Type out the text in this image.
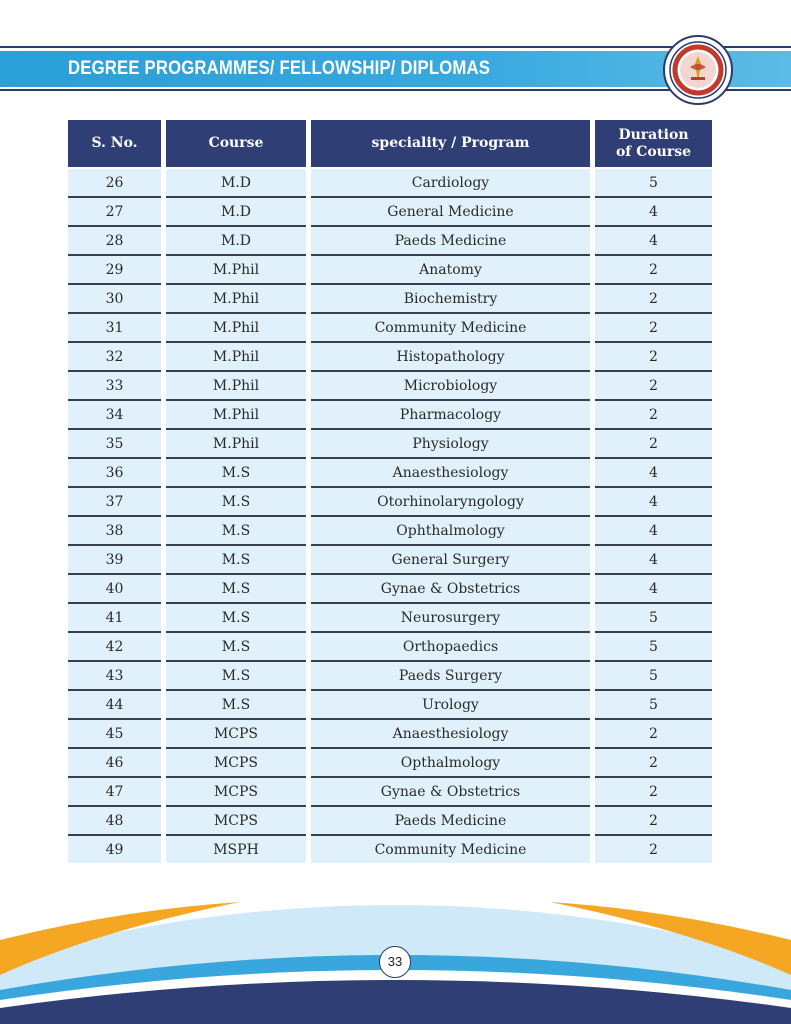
DEGREE PROGRAMMES/ FELLOWSHIP/ DIPLOMAS
S. No.	Course	speciality / Program	Duration
of Course
26	M.D	Cardiology	5
27	M.D	General Medicine	4
28	M.D	Paeds Medicine	4
29	M.Phil	Anatomy	2
30	M.Phil	Biochemistry	2
31	M.Phil	Community Medicine	2
32	M.Phil	Histopathology	2
33	M.Phil	Microbiology	2
34	M.Phil	Pharmacology	2
35	M.Phil	Physiology	2
36	M.S	Anaesthesiology	4
37	M.S	Otorhinolaryngology	4
38	M.S	Ophthalmology	4
39	M.S	General Surgery	4
40	M.S	Gynae & Obstetrics	4
41	M.S	Neurosurgery	5
42	M.S	Orthopaedics	5
43	M.S	Paeds Surgery	5
44	M.S	Urology	5
45	MCPS	Anaesthesiology	2
46	MCPS	Opthalmology	2
47	MCPS	Gynae & Obstetrics	2
48	MCPS	Paeds Medicine	2
49	MSPH	Community Medicine	2
33
